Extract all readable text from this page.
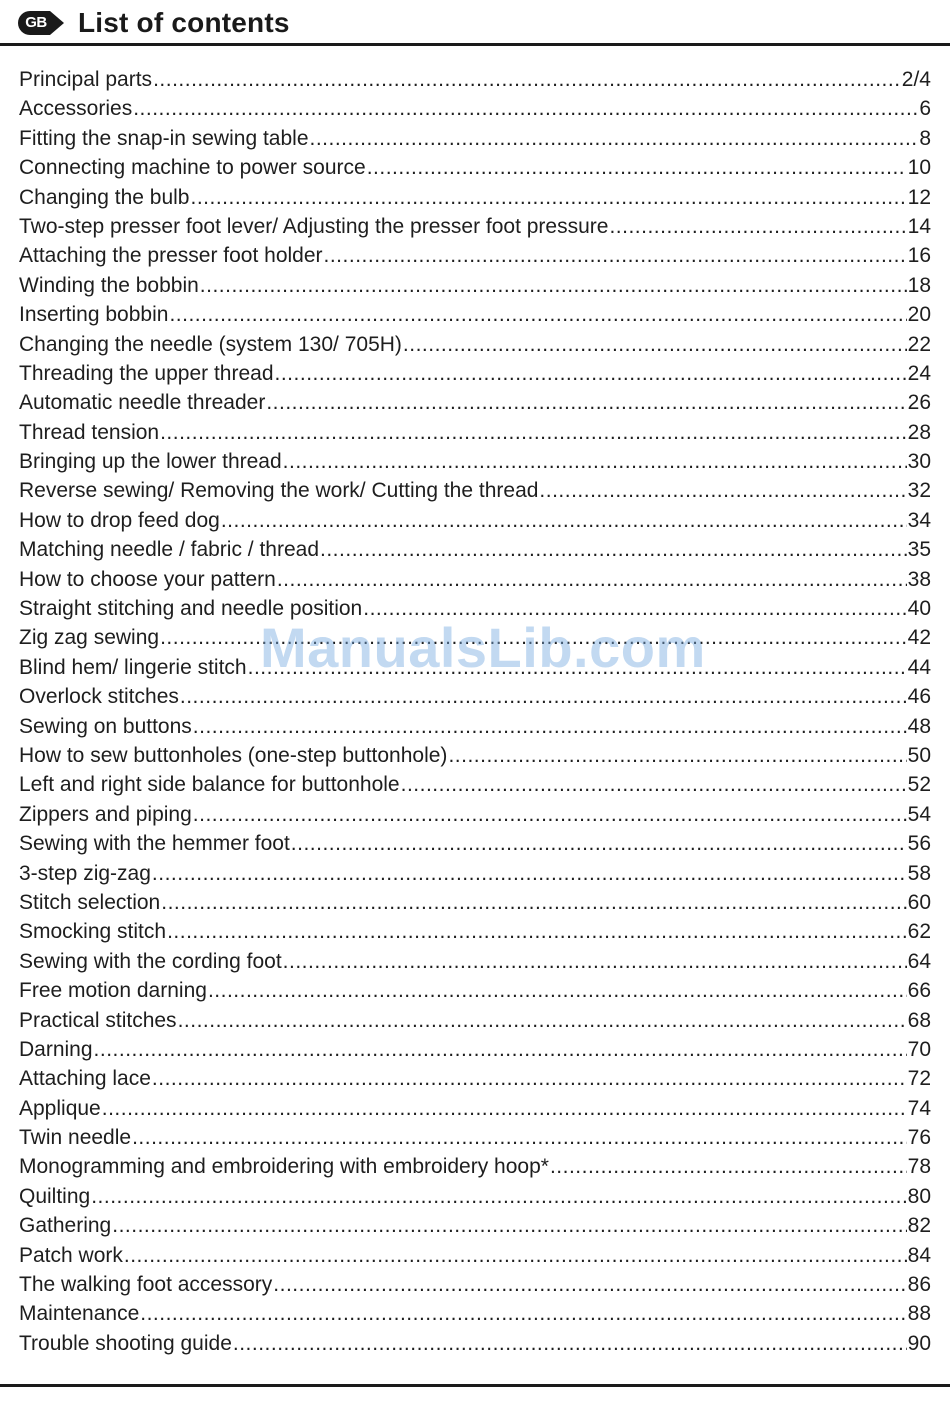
GB List of contents
Principal parts .....	2/4
Accessories .....	6
Fitting the snap-in sewing table .....	8
Connecting machine to power source .....	10
Changing the bulb .....	12
Two-step presser foot lever/ Adjusting the presser foot pressure .....	14
Attaching the presser foot holder .....	16
Winding the bobbin .....	18
Inserting bobbin .....	20
Changing the needle (system 130/ 705H) .....	22
Threading the upper thread .....	24
Automatic needle threader .....	26
Thread tension .....	28
Bringing up the lower thread .....	30
Reverse sewing/ Removing the work/ Cutting the thread .....	32
How to drop feed dog .....	34
Matching needle / fabric / thread .....	35
How to choose your pattern .....	38
Straight stitching and needle position .....	40
Zig zag sewing .....	42
Blind hem/ lingerie stitch .....	44
Overlock stitches .....	46
Sewing on buttons .....	48
How to sew buttonholes (one-step buttonhole) .....	50
Left and right side balance for buttonhole .....	52
Zippers and piping .....	54
Sewing with the hemmer foot .....	56
3-step zig-zag .....	58
Stitch selection .....	60
Smocking stitch .....	62
Sewing with the cording foot .....	64
Free motion darning .....	66
Practical stitches .....	68
Darning .....	70
Attaching lace .....	72
Applique .....	74
Twin needle .....	76
Monogramming and embroidering with embroidery hoop* .....	78
Quilting .....	80
Gathering .....	82
Patch work .....	84
The walking foot accessory .....	86
Maintenance .....	88
Trouble shooting guide .....	90
ManualsLib.com
